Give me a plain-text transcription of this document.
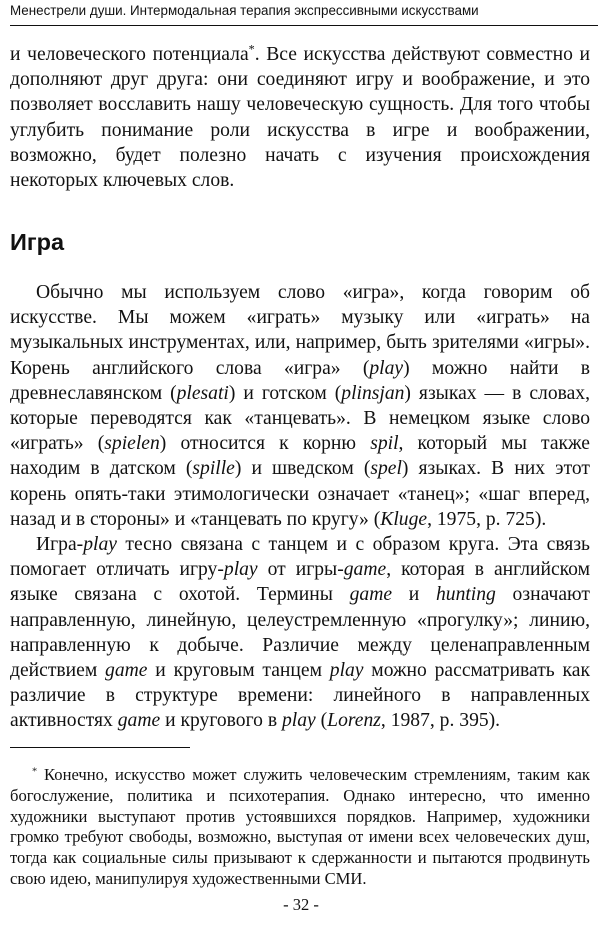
Менестрели души. Интермодальная терапия экспрессивными искусствами

и человеческого потенциала*. Все искусства действуют совместно и дополняют друг друга: они соединяют игру и воображение, и это позволяет восславить нашу человеческую сущность. Для того чтобы углубить понимание роли искусства в игре и воображении, возможно, будет полезно начать с изучения происхождения некоторых ключевых слов.

Игра

Обычно мы используем слово «игра», когда говорим об искусстве. Мы можем «играть» музыку или «играть» на музыкальных инструментах, или, например, быть зрителями «игры». Корень английского слова «игра» (play) можно найти в древнеславянском (plesati) и готском (plinsjan) языках — в словах, которые переводятся как «танцевать». В немецком языке слово «играть» (spielen) относится к корню spil, который мы также находим в датском (spille) и шведском (spel) языках. В них этот корень опять-таки этимологически означает «танец»; «шаг вперед, назад и в стороны» и «танцевать по кругу» (Kluge, 1975, p. 725).

Игра-play тесно связана с танцем и с образом круга. Эта связь помогает отличать игру-play от игры-game, которая в английском языке связана с охотой. Термины game и hunting означают направленную, линейную, целеустремленную «прогулку»; линию, направленную к добыче. Различие между целенаправленным действием game и круговым танцем play можно рассматривать как различие в структуре времени: линейного в направленных активностях game и кругового в play (Lorenz, 1987, p. 395).

* Конечно, искусство может служить человеческим стремлениям, таким как богослужение, политика и психотерапия. Однако интересно, что именно художники выступают против устоявшихся порядков. Например, художники громко требуют свободы, возможно, выступая от имени всех человеческих душ, тогда как социальные силы призывают к сдержанности и пытаются продвинуть свою идею, манипулируя художественными СМИ.

- 32 -
